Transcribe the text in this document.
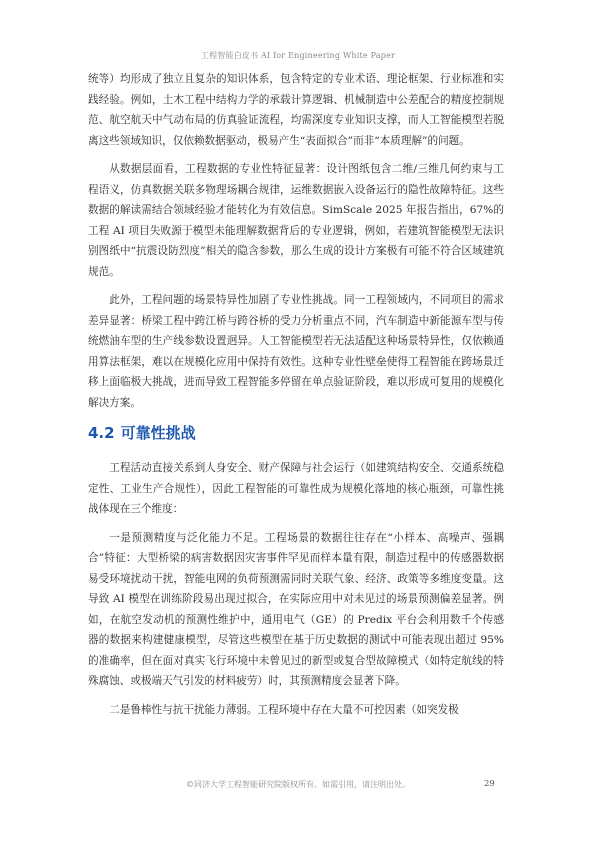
工程智能白皮书 AI for Engineering White Paper

统等）均形成了独立且复杂的知识体系，包含特定的专业术语、理论框架、行业标准和实践经验。例如，土木工程中结构力学的承载计算逻辑、机械制造中公差配合的精度控制规范、航空航天中气动布局的仿真验证流程，均需深度专业知识支撑，而人工智能模型若脱离这些领域知识，仅依赖数据驱动，极易产生“表面拟合”而非“本质理解”的问题。

从数据层面看，工程数据的专业性特征显著：设计图纸包含二维/三维几何约束与工程语义，仿真数据关联多物理场耦合规律，运维数据嵌入设备运行的隐性故障特征。这些数据的解读需结合领域经验才能转化为有效信息。SimScale 2025 年报告指出，67%的工程 AI 项目失败源于模型未能理解数据背后的专业逻辑，例如，若建筑智能模型无法识别图纸中“抗震设防烈度”相关的隐含参数，那么生成的设计方案极有可能不符合区域建筑规范。

此外，工程问题的场景特异性加剧了专业性挑战。同一工程领域内，不同项目的需求差异显著：桥梁工程中跨江桥与跨谷桥的受力分析重点不同，汽车制造中新能源车型与传统燃油车型的生产线参数设置迥异。人工智能模型若无法适配这种场景特异性，仅依赖通用算法框架，难以在规模化应用中保持有效性。这种专业性壁垒使得工程智能在跨场景迁移上面临极大挑战，进而导致工程智能多停留在单点验证阶段，难以形成可复用的规模化解决方案。

4.2 可靠性挑战

工程活动直接关系到人身安全、财产保障与社会运行（如建筑结构安全、交通系统稳定性、工业生产合规性），因此工程智能的可靠性成为规模化落地的核心瓶颈，可靠性挑战体现在三个维度：

一是预测精度与泛化能力不足。工程场景的数据往往存在“小样本、高噪声、强耦合”特征：大型桥梁的病害数据因灾害事件罕见而样本量有限，制造过程中的传感器数据易受环境扰动干扰，智能电网的负荷预测需同时关联气象、经济、政策等多维度变量。这导致 AI 模型在训练阶段易出现过拟合，在实际应用中对未见过的场景预测偏差显著。例如，在航空发动机的预测性维护中，通用电气（GE）的 Predix 平台会利用数千个传感器的数据来构建健康模型，尽管这些模型在基于历史数据的测试中可能表现出超过 95%的准确率，但在面对真实飞行环境中未曾见过的新型或复合型故障模式（如特定航线的特殊腐蚀、或极端天气引发的材料疲劳）时，其预测精度会显著下降。

二是鲁棒性与抗干扰能力薄弱。工程环境中存在大量不可控因素（如突发极

©同济大学工程智能研究院版权所有。如需引用，请注明出处。	29
